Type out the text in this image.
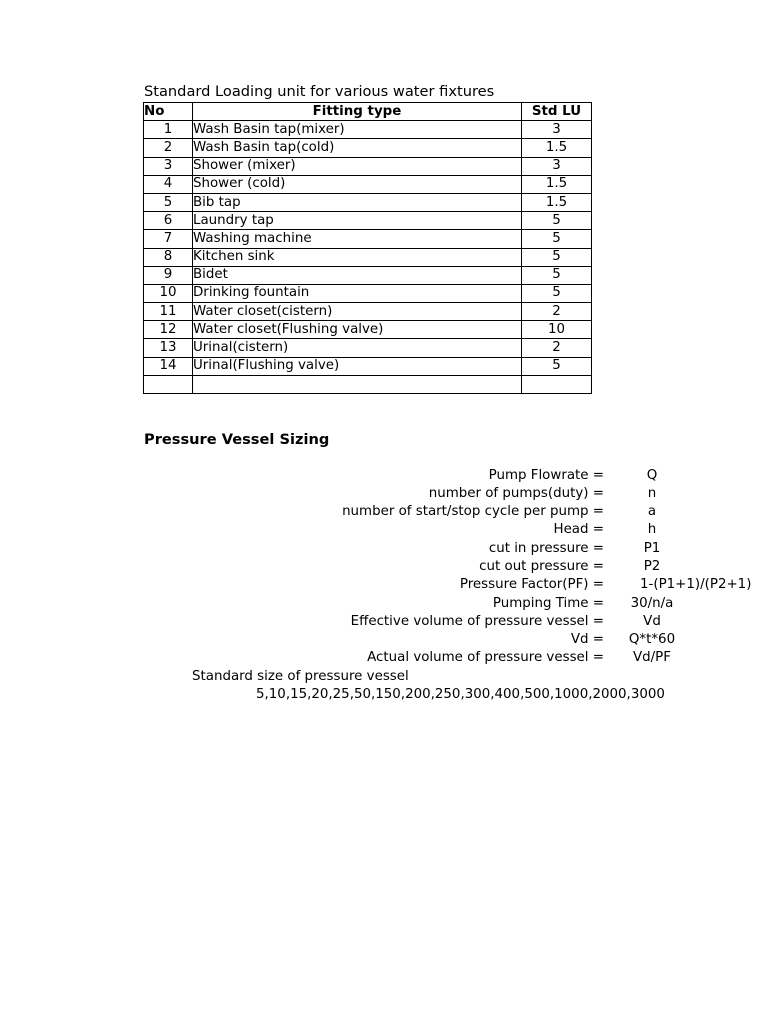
Standard Loading unit for various water fixtures
No	Fitting type	Std LU
1	Wash Basin tap(mixer)	3
2	Wash Basin tap(cold)	1.5
3	Shower (mixer)	3
4	Shower (cold)	1.5
5	Bib tap	1.5
6	Laundry tap	5
7	Washing machine	5
8	Kitchen sink	5
9	Bidet	5
10	Drinking fountain	5
11	Water closet(cistern)	2
12	Water closet(Flushing valve)	10
13	Urinal(cistern)	2
14	Urinal(Flushing valve)	5

Pressure Vessel Sizing
Pump Flowrate =	Q
number of pumps(duty) =	n
number of start/stop cycle per pump =	a
Head =	h
cut in pressure =	P1
cut out pressure =	P2
Pressure Factor(PF) =	1-(P1+1)/(P2+1)
Pumping Time =	30/n/a
Effective volume of pressure vessel =	Vd
Vd =	Q*t*60
Actual volume of pressure vessel =	Vd/PF
Standard size of pressure vessel
5,10,15,20,25,50,150,200,250,300,400,500,1000,2000,3000
